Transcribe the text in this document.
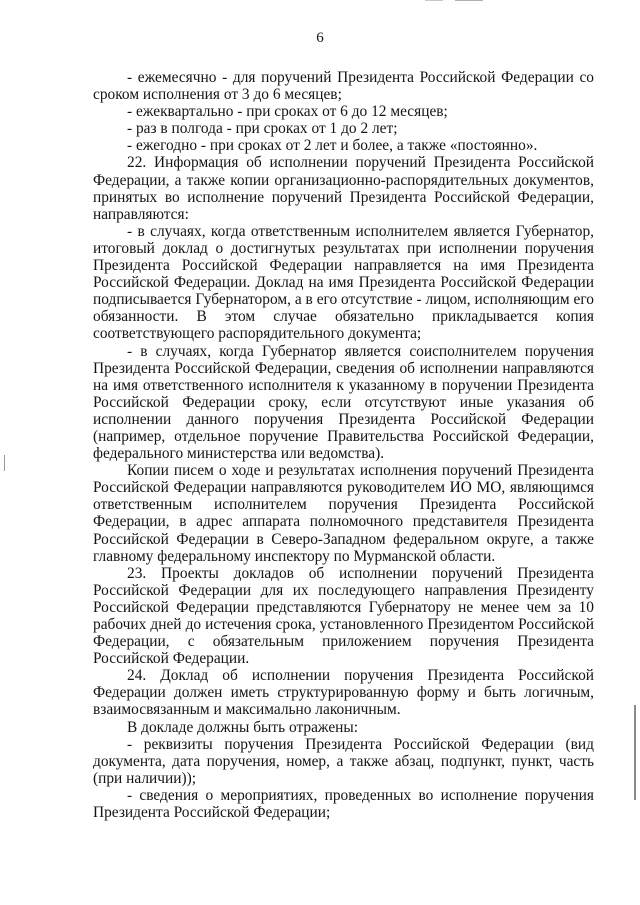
6

- ежемесячно - для поручений Президента Российской Федерации со сроком исполнения от 3 до 6 месяцев;

- ежеквартально - при сроках от 6 до 12 месяцев;

- раз в полгода - при сроках от 1 до 2 лет;

- ежегодно - при сроках от 2 лет и более, а также «постоянно».

22. Информация об исполнении поручений Президента Российской Федерации, а также копии организационно-распорядительных документов, принятых во исполнение поручений Президента Российской Федерации, направляются:

- в случаях, когда ответственным исполнителем является Губернатор, итоговый доклад о достигнутых результатах при исполнении поручения Президента Российской Федерации направляется на имя Президента Российской Федерации. Доклад на имя Президента Российской Федерации подписывается Губернатором, а в его отсутствие - лицом, исполняющим его обязанности. В этом случае обязательно прикладывается копия соответствующего распорядительного документа;

- в случаях, когда Губернатор является соисполнителем поручения Президента Российской Федерации, сведения об исполнении направляются на имя ответственного исполнителя к указанному в поручении Президента Российской Федерации сроку, если отсутствуют иные указания об исполнении данного поручения Президента Российской Федерации (например, отдельное поручение Правительства Российской Федерации, федерального министерства или ведомства).

Копии писем о ходе и результатах исполнения поручений Президента Российской Федерации направляются руководителем ИО МО, являющимся ответственным исполнителем поручения Президента Российской Федерации, в адрес аппарата полномочного представителя Президента Российской Федерации в Северо-Западном федеральном округе, а также главному федеральному инспектору по Мурманской области.

23. Проекты докладов об исполнении поручений Президента Российской Федерации для их последующего направления Президенту Российской Федерации представляются Губернатору не менее чем за 10 рабочих дней до истечения срока, установленного Президентом Российской Федерации, с обязательным приложением поручения Президента Российской Федерации.

24. Доклад об исполнении поручения Президента Российской Федерации должен иметь структурированную форму и быть логичным, взаимосвязанным и максимально лаконичным.

В докладе должны быть отражены:

- реквизиты поручения Президента Российской Федерации (вид документа, дата поручения, номер, а также абзац, подпункт, пункт, часть (при наличии));

- сведения о мероприятиях, проведенных во исполнение поручения Президента Российской Федерации;
